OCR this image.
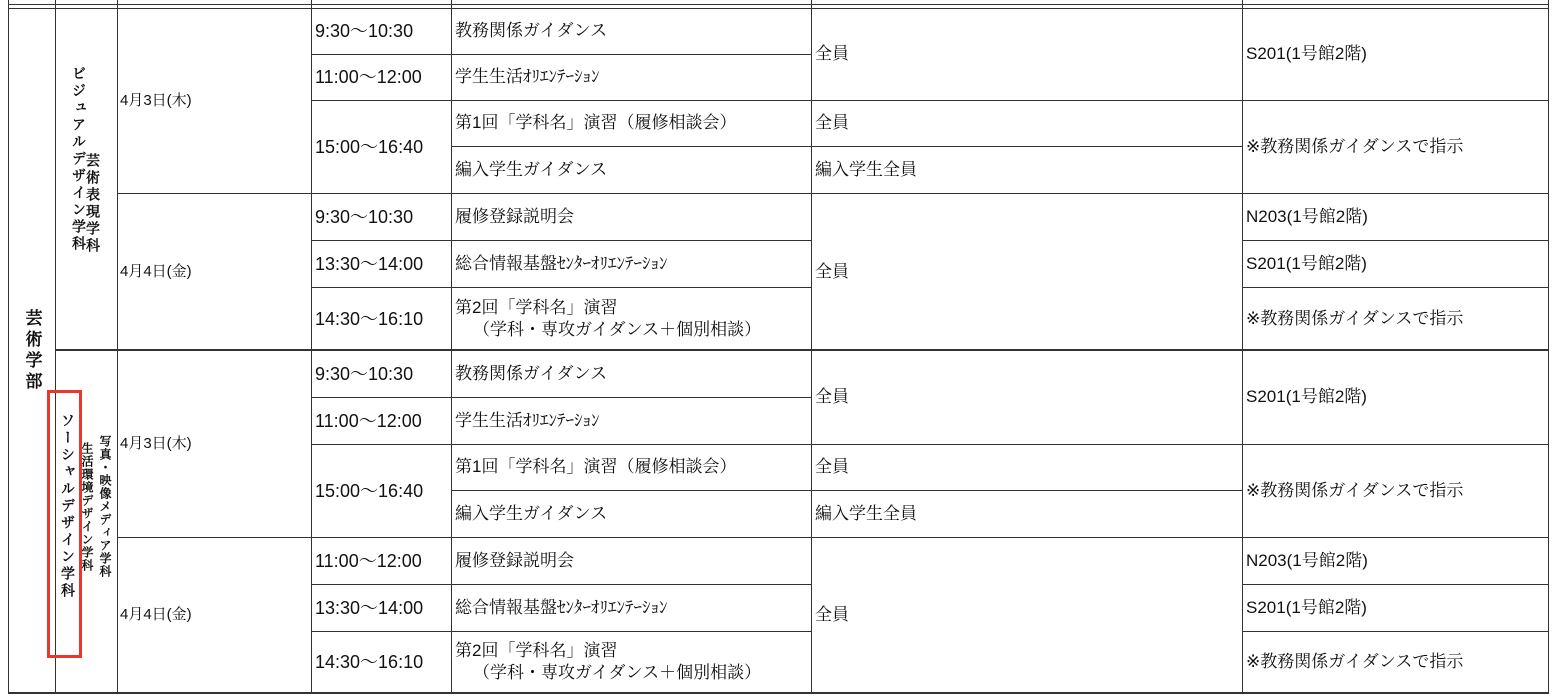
芸術学部
ビジュアルデザイン学科
芸術表現学科
4月3日(木)
4月4日(金)
9:30～10:30
11:00～12:00
15:00～16:40
9:30～10:30
13:30～14:00
14:30～16:10
教務関係ガイダンス
学生生活ｵﾘｴﾝﾃｰｼｮﾝ
第1回「学科名」演習（履修相談会）
編入学生ガイダンス
履修登録説明会
総合情報基盤ｾﾝﾀｰｵﾘｴﾝﾃｰｼｮﾝ
第2回「学科名」演習
（学科・専攻ガイダンス＋個別相談）
全員
全員
編入学生全員
全員
S201(1号館2階)
※教務関係ガイダンスで指示
N203(1号館2階)
S201(1号館2階)
※教務関係ガイダンスで指示
ソーシャルデザイン学科 生活環境デザイン学科 写真・映像メディア学科 4月3日(木)
4月4日(金)
9:30～10:30
11:00～12:00
15:00～16:40
11:00～12:00
13:30～14:00
14:30～16:10
教務関係ガイダンス
学生生活ｵﾘｴﾝﾃｰｼｮﾝ
第1回「学科名」演習（履修相談会）
編入学生ガイダンス
履修登録説明会
総合情報基盤ｾﾝﾀｰｵﾘｴﾝﾃｰｼｮﾝ
第2回「学科名」演習
（学科・専攻ガイダンス＋個別相談）
全員
全員
編入学生全員
全員
S201(1号館2階)
※教務関係ガイダンスで指示
N203(1号館2階)
S201(1号館2階)
※教務関係ガイダンスで指示
